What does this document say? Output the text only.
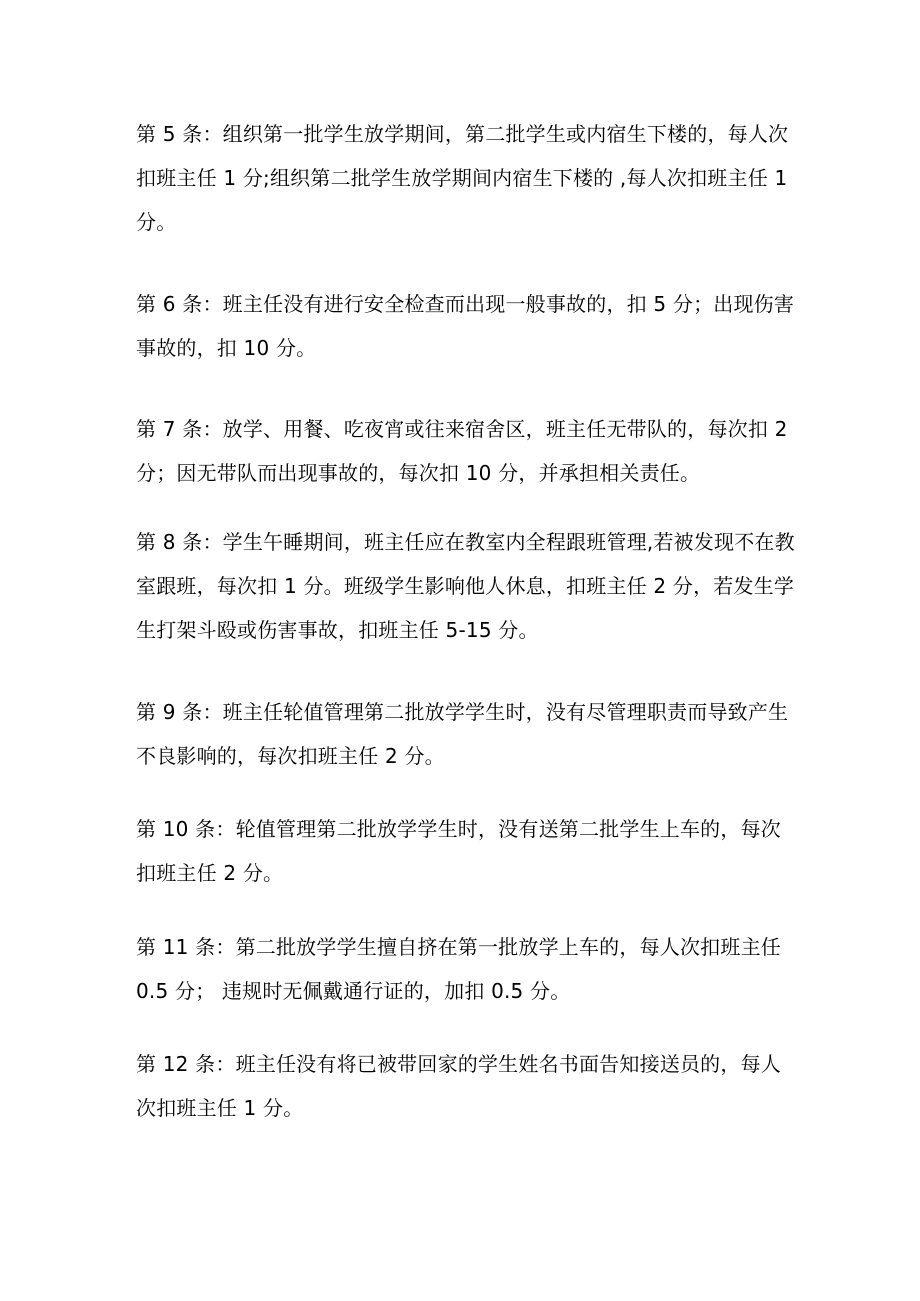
第 5 条：组织第一批学生放学期间，第二批学生或内宿生下楼的，每人次
扣班主任 1 分;组织第二批学生放学期间内宿生下楼的 ,每人次扣班主任 1
分。

第 6 条：班主任没有进行安全检查而出现一般事故的，扣 5 分；出现伤害
事故的，扣 10 分。

第 7 条：放学、用餐、吃夜宵或往来宿舍区，班主任无带队的，每次扣 2
分；因无带队而出现事故的，每次扣 10 分，并承担相关责任。

第 8 条：学生午睡期间，班主任应在教室内全程跟班管理,若被发现不在教
室跟班，每次扣 1 分。班级学生影响他人休息，扣班主任 2 分，若发生学
生打架斗殴或伤害事故，扣班主任 5-15 分。

第 9 条：班主任轮值管理第二批放学学生时，没有尽管理职责而导致产生
不良影响的，每次扣班主任 2 分。

第 10 条：轮值管理第二批放学学生时，没有送第二批学生上车的，每次
扣班主任 2 分。

第 11 条：第二批放学学生擅自挤在第一批放学上车的，每人次扣班主任
0.5 分； 违规时无佩戴通行证的，加扣 0.5 分。

第 12 条：班主任没有将已被带回家的学生姓名书面告知接送员的，每人
次扣班主任 1 分。
